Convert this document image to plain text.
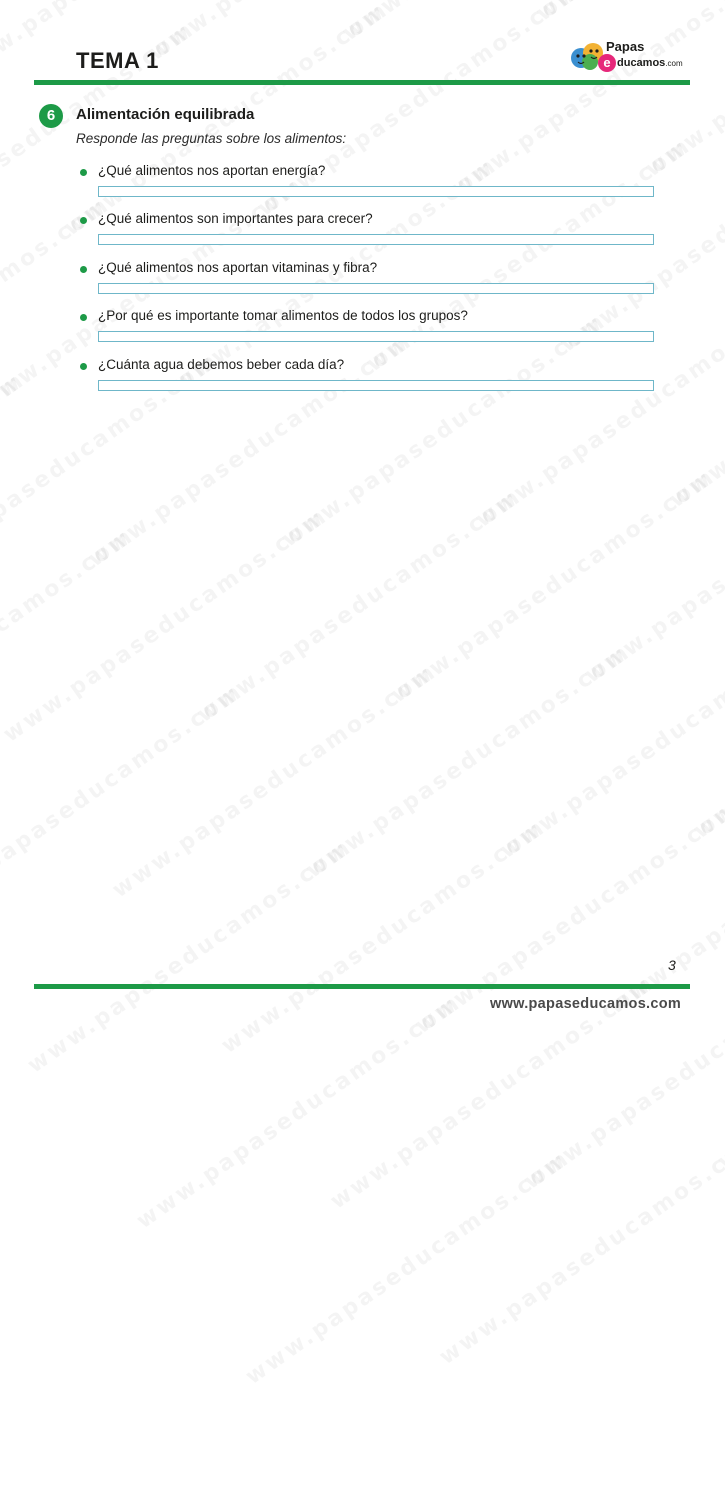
TEMA 1
Papas
e ducamos.com
6	Alimentación equilibrada
Responde las preguntas sobre los alimentos:
¿Qué alimentos nos aportan energía?
¿Qué alimentos son importantes para crecer?
¿Qué alimentos nos aportan vitaminas y fibra?
¿Por qué es importante tomar alimentos de todos los grupos?
¿Cuánta agua debemos beber cada día?
3
www.papaseducamos.com
